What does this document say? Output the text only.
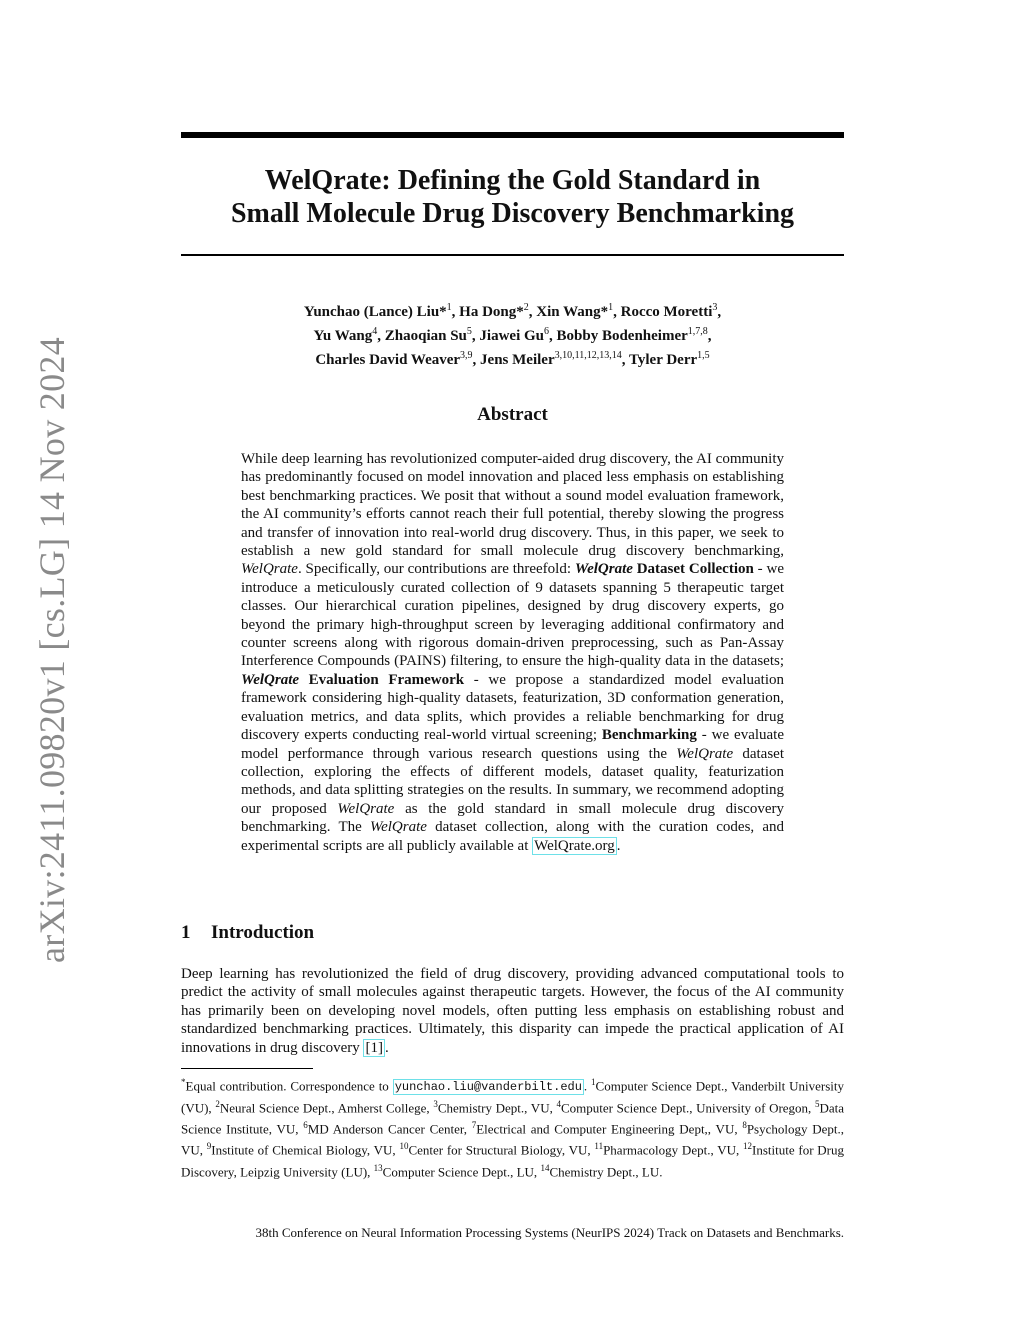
arXiv:2411.09820v1 [cs.LG] 14 Nov 2024
WelQrate: Defining the Gold Standard in
Small Molecule Drug Discovery Benchmarking
Yunchao (Lance) Liu*$^1$, Ha Dong*$^2$, Xin Wang*$^1$, Rocco Moretti$^3$,
Yu Wang$^4$, Zhaoqian Su$^5$, Jiawei Gu$^6$, Bobby Bodenheimer$^{1,7,8}$,
Charles David Weaver$^{3,9}$, Jens Meiler$^{3,10,11,12,13,14}$, Tyler Derr$^{1,5}$
Abstract
While deep learning has revolutionized computer-aided drug discovery, the AI community has predominantly focused on model innovation and placed less emphasis on establishing best benchmarking practices. We posit that without a sound model evaluation framework, the AI community’s efforts cannot reach their full potential, thereby slowing the progress and transfer of innovation into real-world drug discovery. Thus, in this paper, we seek to establish a new gold standard for small molecule drug discovery benchmarking, WelQrate. Specifically, our contributions are threefold: WelQrate Dataset Collection - we introduce a meticulously curated collection of 9 datasets spanning 5 therapeutic target classes. Our hierarchical curation pipelines, designed by drug discovery experts, go beyond the primary high-throughput screen by leveraging additional confirmatory and counter screens along with rigorous domain-driven preprocessing, such as Pan-Assay Interference Compounds (PAINS) filtering, to ensure the high-quality data in the datasets; WelQrate Evaluation Framework - we propose a standardized model evaluation framework considering high-quality datasets, featurization, 3D conformation generation, evaluation metrics, and data splits, which provides a reliable benchmarking for drug discovery experts conducting real-world virtual screening; Benchmarking - we evaluate model performance through various research questions using the WelQrate dataset collection, exploring the effects of different models, dataset quality, featurization methods, and data splitting strategies on the results. In summary, we recommend adopting our proposed WelQrate as the gold standard in small molecule drug discovery benchmarking. The WelQrate dataset collection, along with the curation codes, and experimental scripts are all publicly available at WelQrate.org .
1 Introduction
Deep learning has revolutionized the field of drug discovery, providing advanced computational tools to predict the activity of small molecules against therapeutic targets. However, the focus of the AI community has primarily been on developing novel models, often putting less emphasis on establishing robust and standardized benchmarking practices. Ultimately, this disparity can impede the practical application of AI innovations in drug discovery [1] .
*Equal contribution. Correspondence to yunchao.liu@vanderbilt.edu . $^1$Computer Science Dept., Vanderbilt University (VU), $^2$Neural Science Dept., Amherst College, $^3$Chemistry Dept., VU, $^4$Computer Science Dept., University of Oregon, $^5$Data Science Institute, VU, $^6$MD Anderson Cancer Center, $^7$Electrical and Computer Engineering Dept,, VU, $^8$Psychology Dept., VU, $^9$Institute of Chemical Biology, VU, $^{10}$Center for Structural Biology, VU, $^{11}$Pharmacology Dept., VU, $^{12}$Institute for Drug Discovery, Leipzig University (LU), $^{13}$Computer Science Dept., LU, $^{14}$Chemistry Dept., LU.
38th Conference on Neural Information Processing Systems (NeurIPS 2024) Track on Datasets and Benchmarks.
